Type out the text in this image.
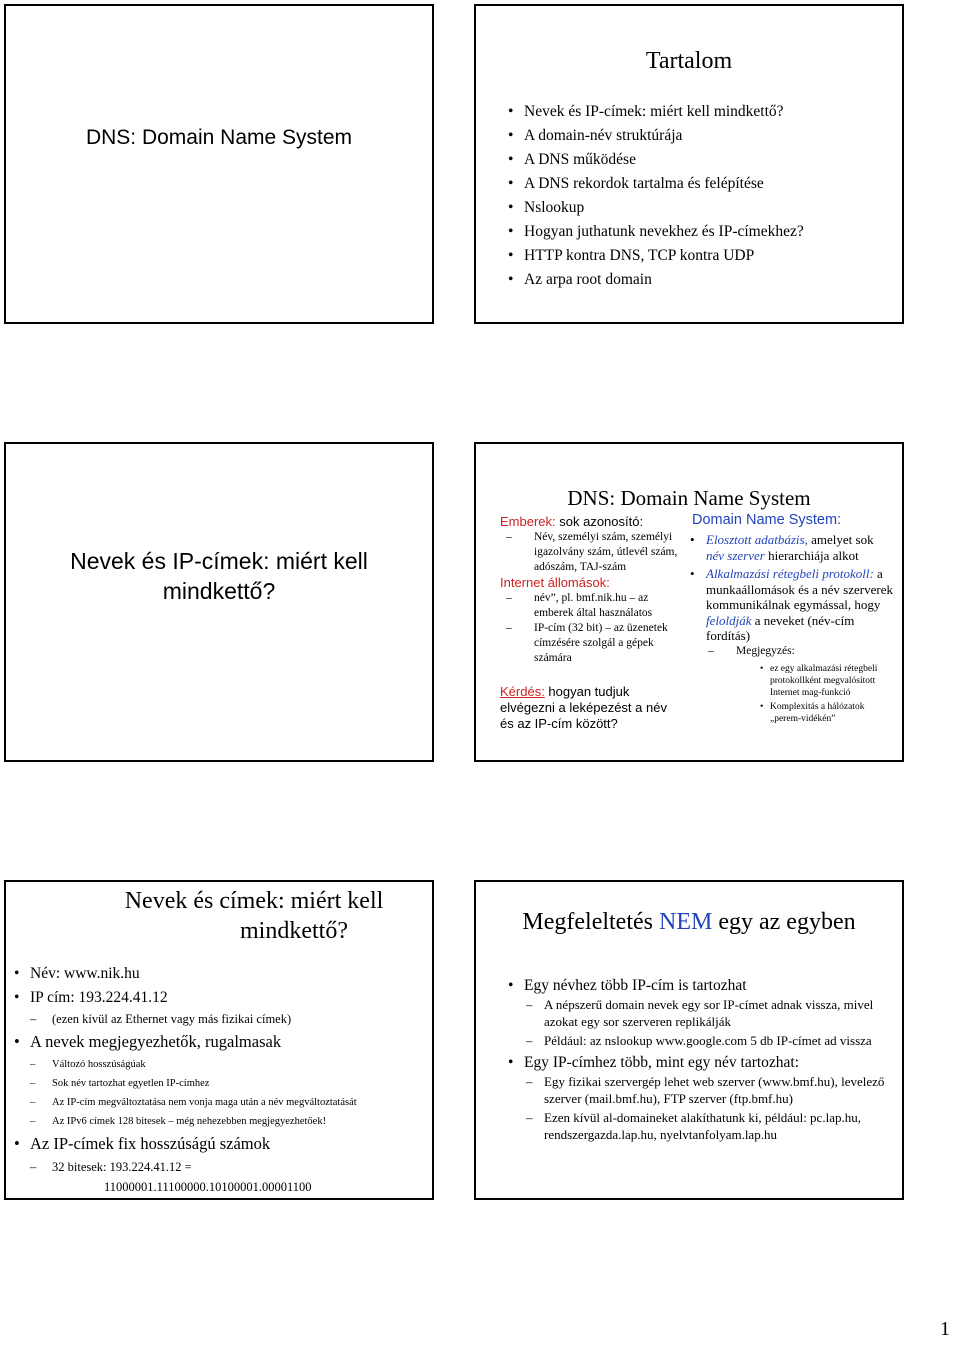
DNS: Domain Name System
Tartalom
• Nevek és IP-címek: miért kell mindkettő?
• A domain-név struktúrája
• A DNS működése
• A DNS rekordok tartalma és felépítése
• Nslookup
• Hogyan juthatunk nevekhez és IP-címekhez?
• HTTP kontra DNS, TCP kontra UDP
• Az arpa root domain
Nevek és IP-címek: miért kell
mindkettő?
DNS: Domain Name System
Emberek: sok azonosító:
– Név, személyi szám, személyi igazolvány szám, útlevél szám, adószám, TAJ-szám
Internet állomások:
– név”, pl. bmf.nik.hu – az emberek által használatos
– IP-cím (32 bit) – az üzenetek címzésére szolgál a gépek számára
Kérdés: hogyan tudjuk elvégezni a leképezést a név és az IP-cím között?
Domain Name System:
• Elosztott adatbázis, amelyet sok név szerver hierarchiája alkot
• Alkalmazási rétegbeli protokoll: a munkaállomások és a név szerverek kommunikálnak egymással, hogy feloldják a neveket (név-cím fordítás)
– Megjegyzés:
• ez egy alkalmazási rétegbeli protokollként megvalósított Internet mag-funkció
• Komplexitás a hálózatok „perem-vidékén”
Nevek és címek: miért kell
mindkettő?
• Név: www.nik.hu
• IP cím: 193.224.41.12
– (ezen kívül az Ethernet vagy más fizikai címek)
• A nevek megjegyezhetők, rugalmasak
– Változó hosszúságúak
– Sok név tartozhat egyetlen IP-címhez
– Az IP-cím megváltoztatása nem vonja maga után a név megváltoztatását
– Az IPv6 címek 128 bitesek – még nehezebben megjegyezhetőek!
• Az IP-címek fix hosszúságú számok
– 32 bitesek: 193.224.41.12 =
11000001.11100000.10100001.00001100
Megfeleltetés NEM egy az egyben
• Egy névhez több IP-cím is tartozhat
– A népszerű domain nevek egy sor IP-címet adnak vissza, mivel azokat egy sor szerveren replikálják
– Például: az nslookup www.google.com 5 db IP-címet ad vissza
• Egy IP-címhez több, mint egy név tartozhat:
– Egy fizikai szervergép lehet web szerver (www.bmf.hu), levelező szerver (mail.bmf.hu), FTP szerver (ftp.bmf.hu)
– Ezen kívül al-domaineket alakíthatunk ki, például: pc.lap.hu, rendszergazda.lap.hu, nyelvtanfolyam.lap.hu
1
